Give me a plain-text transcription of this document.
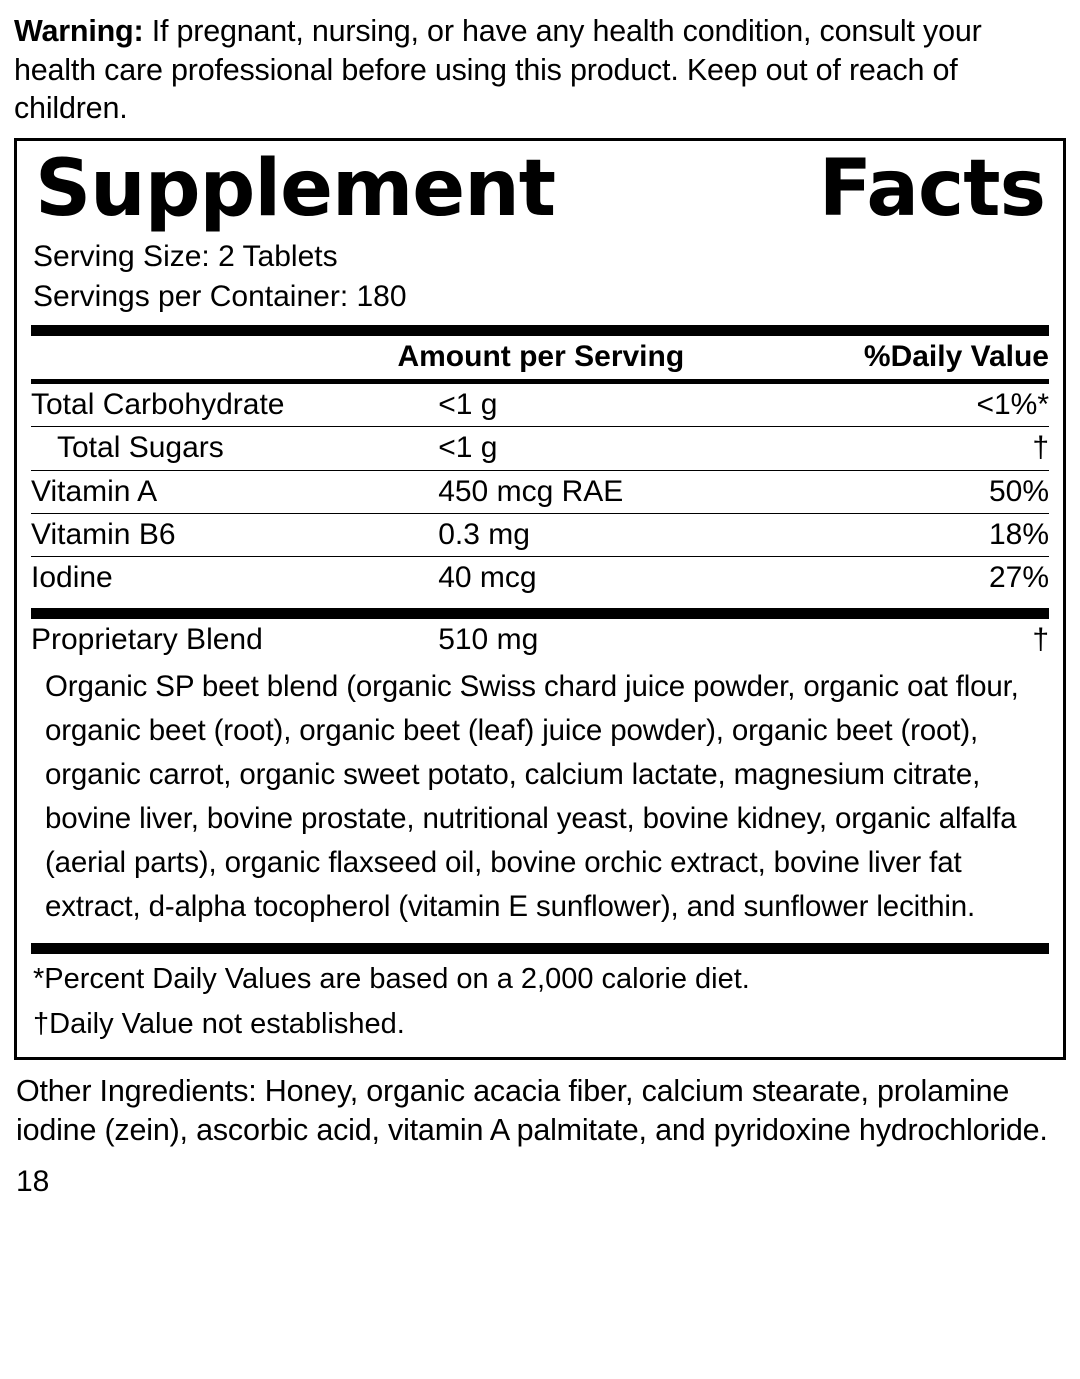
Warning: If pregnant, nursing, or have any health condition, consult your health care professional before using this product. Keep out of reach of children.

Supplement	Facts
Serving Size: 2 Tablets
Servings per Container: 180
	Amount per Serving	%Daily Value
Total Carbohydrate	<1 g	<1%*
Total Sugars	<1 g	†
Vitamin A	450 mcg RAE	50%
Vitamin B6	0.3 mg	18%
Iodine	40 mcg	27%
Proprietary Blend	510 mg	†
Organic SP beet blend (organic Swiss chard juice powder, organic oat flour, organic beet (root), organic beet (leaf) juice powder), organic beet (root), organic carrot, organic sweet potato, calcium lactate, magnesium citrate, bovine liver, bovine prostate, nutritional yeast, bovine kidney, organic alfalfa (aerial parts), organic flaxseed oil, bovine orchic extract, bovine liver fat extract, d-alpha tocopherol (vitamin E sunflower), and sunflower lecithin.
*Percent Daily Values are based on a 2,000 calorie diet.
†Daily Value not established.

Other Ingredients: Honey, organic acacia fiber, calcium stearate, prolamine iodine (zein), ascorbic acid, vitamin A palmitate, and pyridoxine hydrochloride.

18
